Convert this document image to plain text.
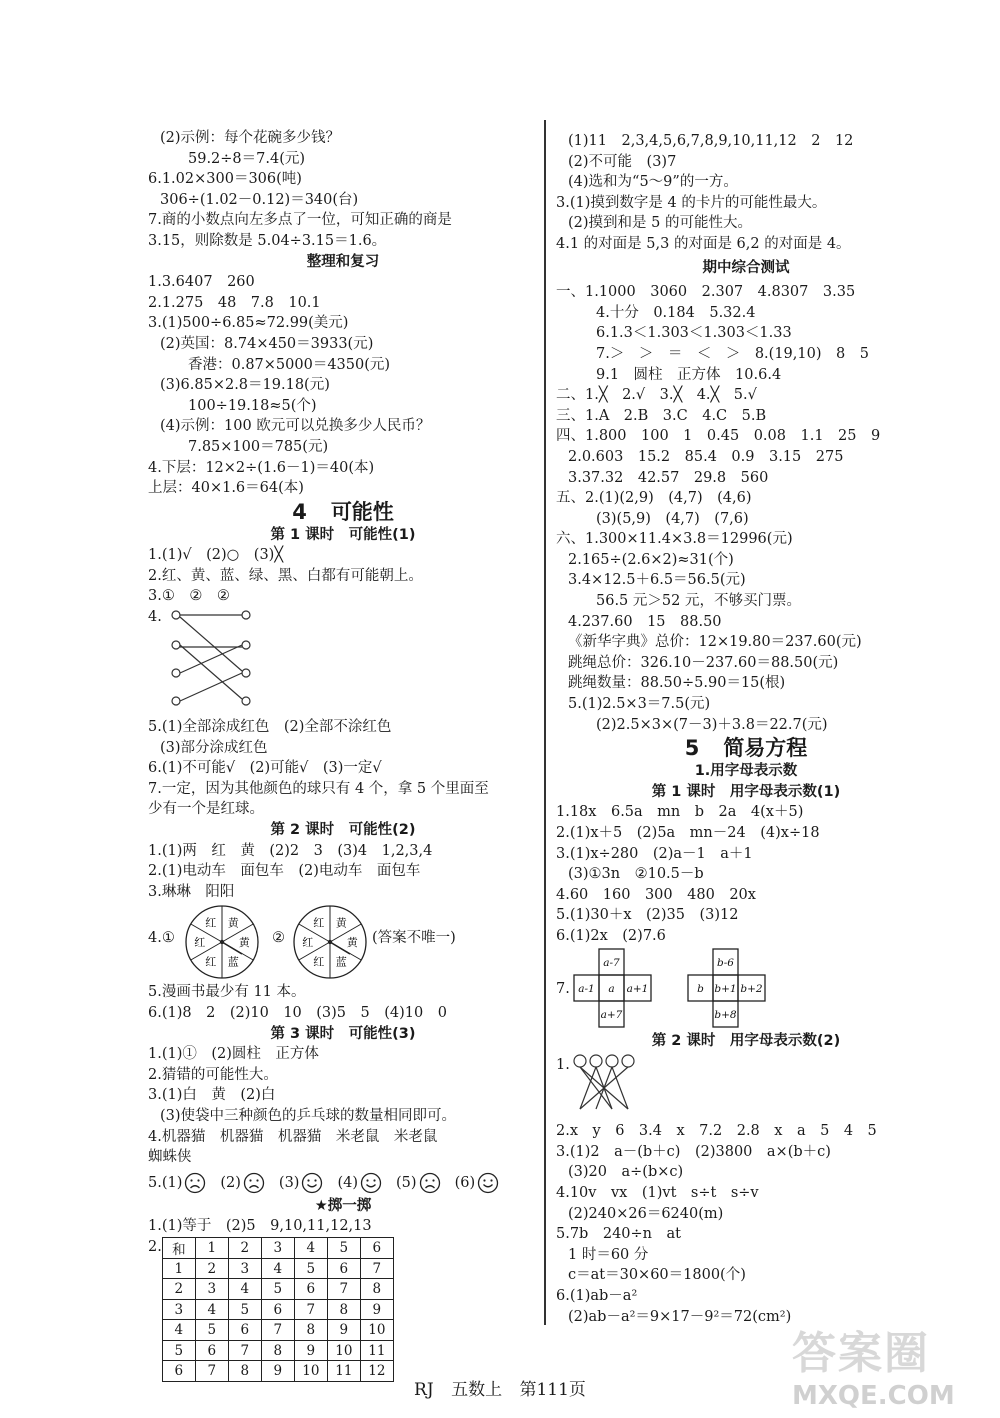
(2)示例：每个花碗多少钱？
59.2÷8＝7.4(元)
6.1.02×300＝306(吨)
306÷(1.02－0.12)＝340(台)
7.商的小数点向左多点了一位，可知正确的商是
3.15，则除数是 5.04÷3.15＝1.6。
整理和复习
1.3.6407　260
2.1.275　48　7.8　10.1
3.(1)500÷6.85≈72.99(美元)
(2)英国：8.74×450＝3933(元)
香港：0.87×5000＝4350(元)
(3)6.85×2.8＝19.18(元)
100÷19.18≈5(个)
(4)示例：100 欧元可以兑换多少人民币？
7.85×100＝785(元)
4.下层：12×2÷(1.6－1)＝40(本)
上层：40×1.6＝64(本)
4 可能性
第 1 课时　可能性(1)
1.(1)√　(2)○　(3)╳
2.红、黄、蓝、绿、黑、白都有可能朝上。
3.①　②　②
4.
5.(1)全部涂成红色　(2)全部不涂红色
(3)部分涂成红色
6.(1)不可能√　(2)可能√　(3)一定√
7.一定，因为其他颜色的球只有 4 个，拿 5 个里面至
少有一个是红球。
第 2 课时　可能性(2)
1.(1)两　红　黄　(2)2　3　(3)4　1,2,3,4
2.(1)电动车　面包车　(2)电动车　面包车
3.琳琳　阳阳
4.①
黄
黄
蓝
红
红
红
②
黄
黄
蓝
红
红
红
(答案不唯一)
5.漫画书最少有 11 本。
6.(1)8　2　(2)10　10　(3)5　5　(4)10　0
第 3 课时　可能性(3)
1.(1)①　(2)圆柱　正方体
2.猜错的可能性大。
3.(1)白　黄　(2)白
(3)使袋中三种颜色的乒乓球的数量相同即可。
4.机器猫　机器猫　机器猫　米老鼠　米老鼠
蜘蛛侠
5.(1)	(2)	(3)	(4)	(5)	(6)
★掷一掷
1.(1)等于　(2)5　9,10,11,12,13
2. 和	1	2	3	4	5	6
1	2	3	4	5	6	7
2	3	4	5	6	7	8
3	4	5	6	7	8	9
4	5	6	7	8	9	10
5	6	7	8	9	10	11
6	7	8	9	10	11	12
(1)11　2,3,4,5,6,7,8,9,10,11,12　2　12
(2)不可能　(3)7
(4)选和为“5～9”的一方。
3.(1)摸到数字是 4 的卡片的可能性最大。
(2)摸到和是 5 的可能性大。
4.1 的对面是 5,3 的对面是 6,2 的对面是 4。
期中综合测试
一、1.1000　3060　2.307　4.8307　3.35
4.十分　0.184　5.32.4
6.1.3＜1.303＜1.303＜1.33
7.＞　＞　＝　＜　＞　8.(19,10)　8　5
9.1　圆柱　正方体　10.6.4
二、1.╳　2.√　3.╳　4.╳　5.√
三、1.A　2.B　3.C　4.C　5.B
四、1.800　100　1　0.45　0.08　1.1　25　9
2.0.603　15.2　85.4　0.9　3.15　275
3.37.32　42.57　29.8　560
五、2.(1)(2,9)　(4,7)　(4,6)
(3)(5,9)　(4,7)　(7,6)
六、1.300×11.4×3.8＝12996(元)
2.165÷(2.6×2)≈31(个)
3.4×12.5＋6.5＝56.5(元)
56.5 元＞52 元，不够买门票。
4.237.60　15　88.50
《新华字典》总价：12×19.80＝237.60(元)
跳绳总价：326.10－237.60＝88.50(元)
跳绳数量：88.50÷5.90＝15(根)
5.(1)2.5×3＝7.5(元)
(2)2.5×3×(7－3)＋3.8＝22.7(元)
5 简易方程
1.用字母表示数
第 1 课时　用字母表示数(1)
1.18x　6.5a　mn　b　2a　4(x＋5)
2.(1)x＋5　(2)5a　mn－24　(4)x÷18
3.(1)x÷280　(2)a－1　a＋1
(3)①3n　②10.5－b
4.60　160　300　480　20x
5.(1)30＋x　(2)35　(3)12
6.(1)2x　(2)7.6
7.
a-7
a-1 a a+1
a+7
b-6
b b+1 b+2
b+8
第 2 课时　用字母表示数(2)
1.
2.x　y　6　3.4　x　7.2　2.8　x　a　5　4　5
3.(1)2　a－(b＋c)　(2)3800　a×(b＋c)
(3)20　a÷(b×c)
4.10v　vx　(1)vt　s÷t　s÷v
(2)240×26＝6240(m)
5.7b　240÷n　at
1 时＝60 分
c＝at＝30×60＝1800(个)
6.(1)ab－a²
(2)ab－a²＝9×17－9²＝72(cm²)
RJ 五数上 第111页
答案圈
MXQE.COM
